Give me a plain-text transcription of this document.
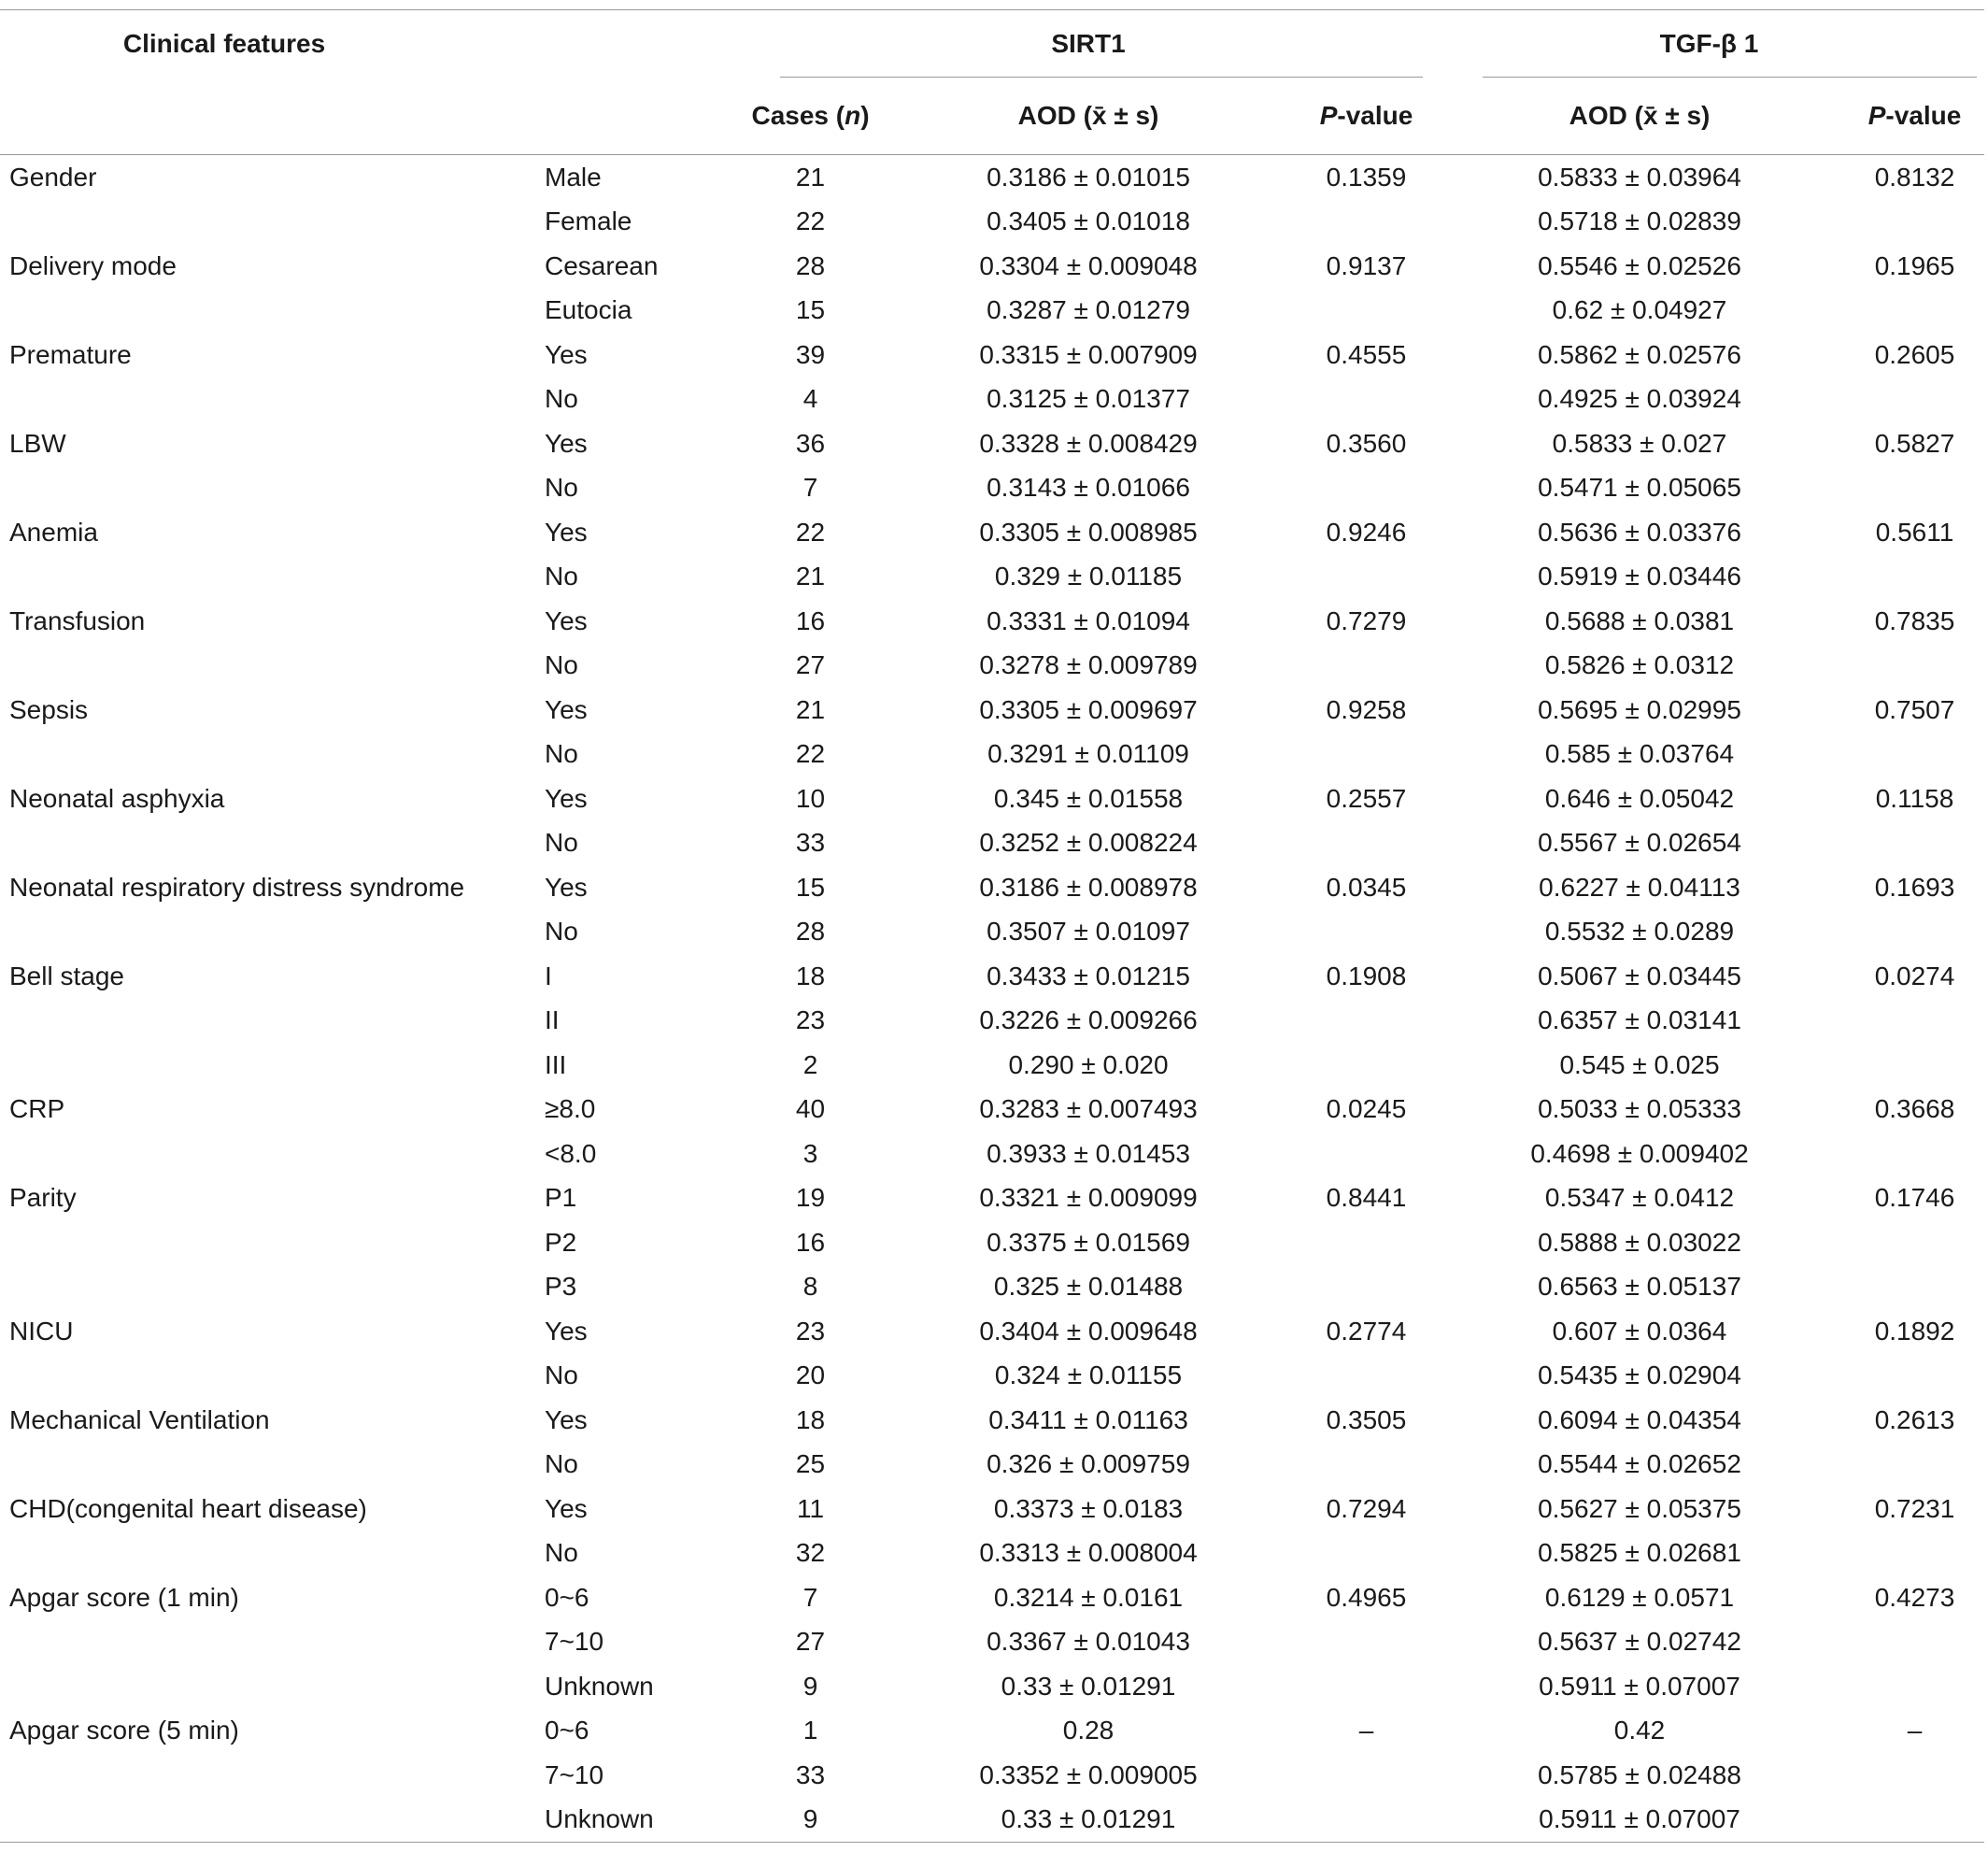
Clinical features		SIRT1			TGF-β 1	

		Cases (n)	AOD (x̄ ± s)	P-value	AOD (x̄ ± s)	P-value
Gender	Male	21	0.3186 ± 0.01015	0.1359	0.5833 ± 0.03964	0.8132
	Female	22	0.3405 ± 0.01018		0.5718 ± 0.02839	
Delivery mode	Cesarean	28	0.3304 ± 0.009048	0.9137	0.5546 ± 0.02526	0.1965
	Eutocia	15	0.3287 ± 0.01279		0.62 ± 0.04927	
Premature	Yes	39	0.3315 ± 0.007909	0.4555	0.5862 ± 0.02576	0.2605
	No	4	0.3125 ± 0.01377		0.4925 ± 0.03924	
LBW	Yes	36	0.3328 ± 0.008429	0.3560	0.5833 ± 0.027	0.5827
	No	7	0.3143 ± 0.01066		0.5471 ± 0.05065	
Anemia	Yes	22	0.3305 ± 0.008985	0.9246	0.5636 ± 0.03376	0.5611
	No	21	0.329 ± 0.01185		0.5919 ± 0.03446	
Transfusion	Yes	16	0.3331 ± 0.01094	0.7279	0.5688 ± 0.0381	0.7835
	No	27	0.3278 ± 0.009789		0.5826 ± 0.0312	
Sepsis	Yes	21	0.3305 ± 0.009697	0.9258	0.5695 ± 0.02995	0.7507
	No	22	0.3291 ± 0.01109		0.585 ± 0.03764	
Neonatal asphyxia	Yes	10	0.345 ± 0.01558	0.2557	0.646 ± 0.05042	0.1158
	No	33	0.3252 ± 0.008224		0.5567 ± 0.02654	
Neonatal respiratory distress syndrome	Yes	15	0.3186 ± 0.008978	0.0345	0.6227 ± 0.04113	0.1693
	No	28	0.3507 ± 0.01097		0.5532 ± 0.0289	
Bell stage	I	18	0.3433 ± 0.01215	0.1908	0.5067 ± 0.03445	0.0274
	II	23	0.3226 ± 0.009266		0.6357 ± 0.03141	
	III	2	0.290 ± 0.020		0.545 ± 0.025	
CRP	≥8.0	40	0.3283 ± 0.007493	0.0245	0.5033 ± 0.05333	0.3668
	<8.0	3	0.3933 ± 0.01453		0.4698 ± 0.009402	
Parity	P1	19	0.3321 ± 0.009099	0.8441	0.5347 ± 0.0412	0.1746
	P2	16	0.3375 ± 0.01569		0.5888 ± 0.03022	
	P3	8	0.325 ± 0.01488		0.6563 ± 0.05137	
NICU	Yes	23	0.3404 ± 0.009648	0.2774	0.607 ± 0.0364	0.1892
	No	20	0.324 ± 0.01155		0.5435 ± 0.02904	
Mechanical Ventilation	Yes	18	0.3411 ± 0.01163	0.3505	0.6094 ± 0.04354	0.2613
	No	25	0.326 ± 0.009759		0.5544 ± 0.02652	
CHD(congenital heart disease)	Yes	11	0.3373 ± 0.0183	0.7294	0.5627 ± 0.05375	0.7231
	No	32	0.3313 ± 0.008004		0.5825 ± 0.02681	
Apgar score (1 min)	0~6	7	0.3214 ± 0.0161	0.4965	0.6129 ± 0.0571	0.4273
	7~10	27	0.3367 ± 0.01043		0.5637 ± 0.02742	
	Unknown	9	0.33 ± 0.01291		0.5911 ± 0.07007	
Apgar score (5 min)	0~6	1	0.28	–	0.42	–
	7~10	33	0.3352 ± 0.009005		0.5785 ± 0.02488	
	Unknown	9	0.33 ± 0.01291		0.5911 ± 0.07007	
